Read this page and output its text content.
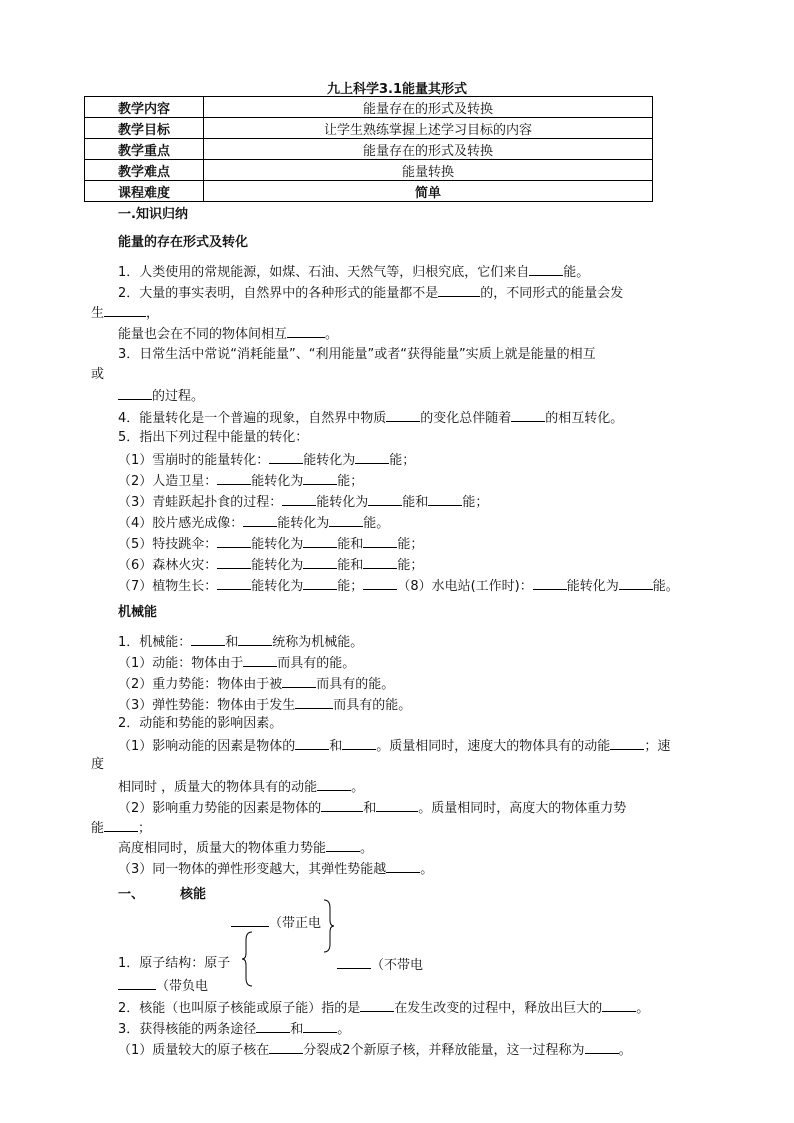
九上科学3.1能量其形式
教学内容	能量存在的形式及转换
教学目标	让学生熟练掌握上述学习目标的内容
教学重点	能量存在的形式及转换
教学难点	能量转换
课程难度	简单
一.知识归纳
能量的存在形式及转化
1．人类使用的常规能源，如煤、石油、天然气等，归根究底，它们来自	能。
2．大量的事实表明，自然界中的各种形式的能量都不是	的，不同形式的能量会发
生	，
能量也会在不同的物体间相互	。
3．日常生活中常说“消耗能量”、“利用能量”或者“获得能量”实质上就是能量的相互
或
的过程。
4．能量转化是一个普遍的现象，自然界中物质	的变化总伴随着	的相互转化。
5．指出下列过程中能量的转化：
（1）雪崩时的能量转化：	能转化为	能；
（2）人造卫星：	能转化为	能；
（3）青蛙跃起扑食的过程：	能转化为	能和	能；
（4）胶片感光成像：	能转化为	能。
（5）特技跳伞：	能转化为	能和	能；
（6）森林火灾：	能转化为	能和	能；
（7）植物生长：	能转化为	能；	（8）水电站(工作时)：	能转化为	能。
机械能
1．机械能：	和	统称为机械能。
（1）动能：物体由于	而具有的能。
（2）重力势能：物体由于被	而具有的能。
（3）弹性势能：物体由于发生	而具有的能。
2．动能和势能的影响因素。
（1）影响动能的因素是物体的	和	。质量相同时，速度大的物体具有的动能	；速
度
相同时 ，质量大的物体具有的动能	。
（2）影响重力势能的因素是物体的	和	。质量相同时，高度大的物体重力势
能	；
高度相同时，质量大的物体重力势能	。
（3）同一物体的弹性形变越大，其弹性势能越	。
一、	核能
（带正电
（不带电
1．原子结构：原子
（带负电
2．核能（也叫原子核能或原子能）指的是	在发生改变的过程中，释放出巨大的	。
3．获得核能的两条途径	和	。
（1）质量较大的原子核在	分裂成2个新原子核，并释放能量，这一过程称为	。
